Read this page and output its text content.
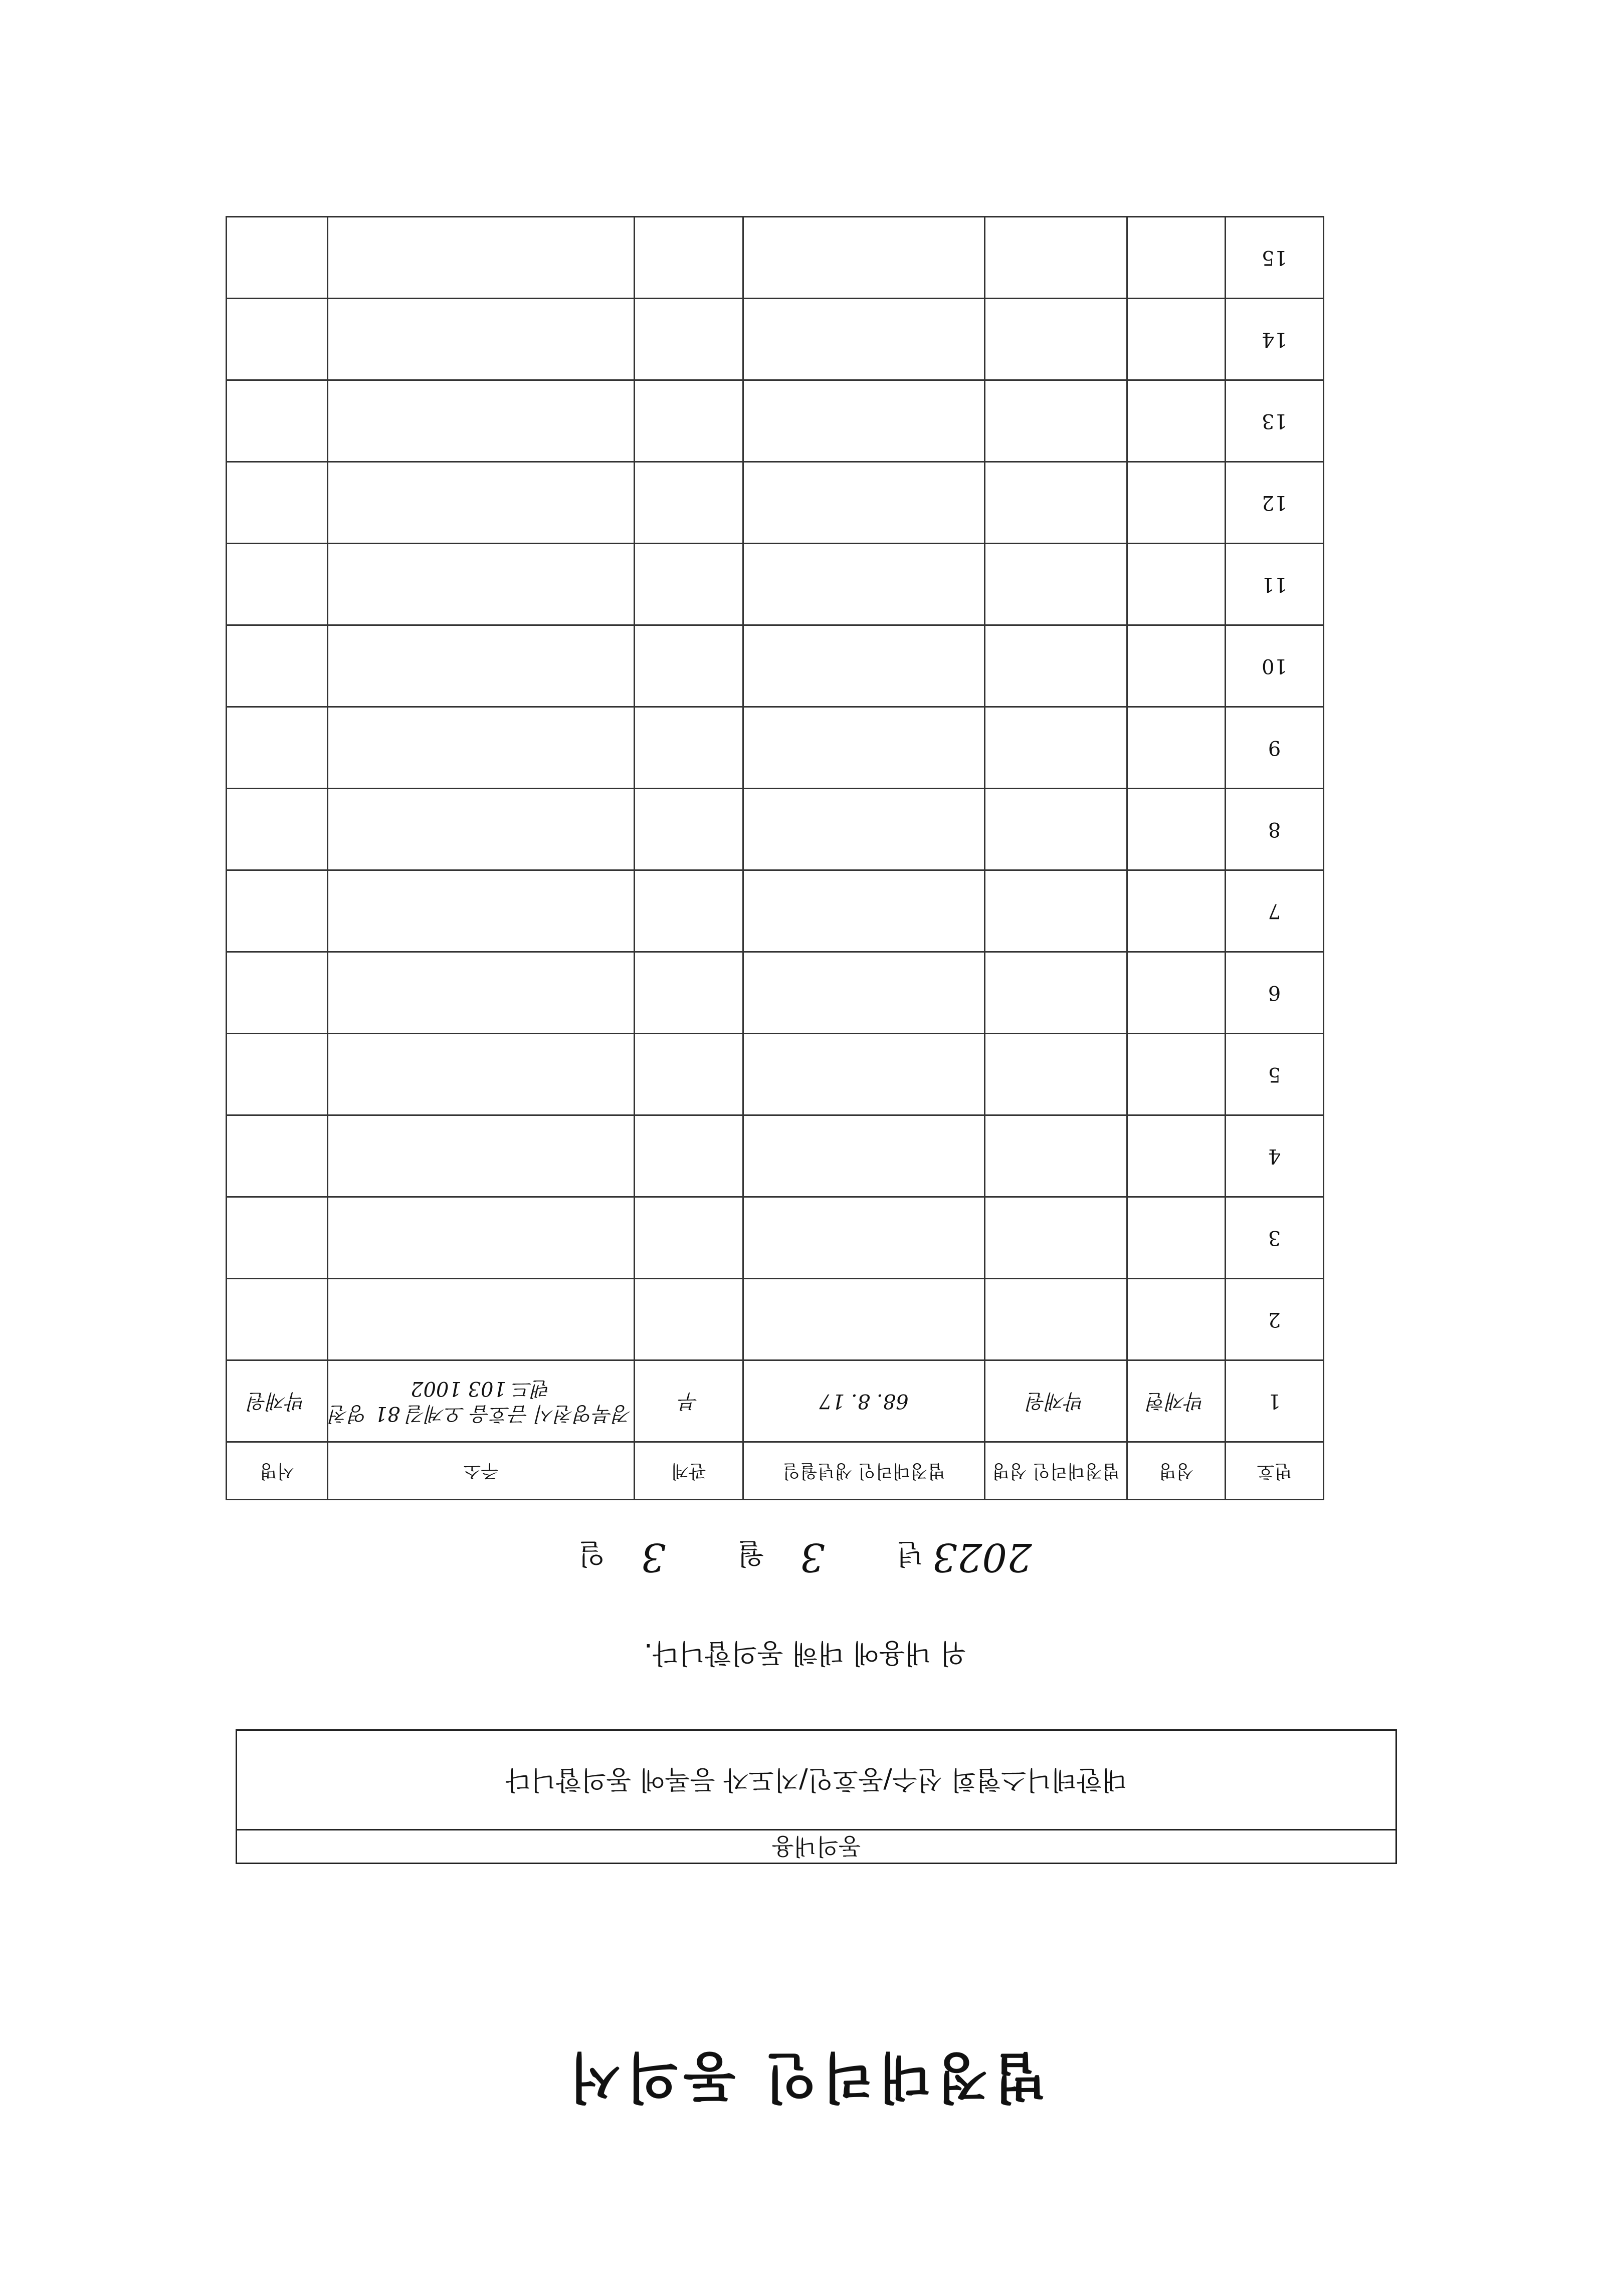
법정대리인 동의서
동의내용
대한테니스협회 선수/동호인/지도자 등록에 동의합니다
위 내용에 대해 동의합니다.
2023 년        3    월        3    일
번호	성명	법정대리인 성명	법정대리인 생년월일	관계	주소	서명
1	박재현	박재원	68. 8. 17	부	경북영천시 금호읍 오계길 81 영천랜드 103 1002	박재원
2						
3						
4						
5						
6						
7						
8						
9						
10						
11						
12						
13						
14						
15						
